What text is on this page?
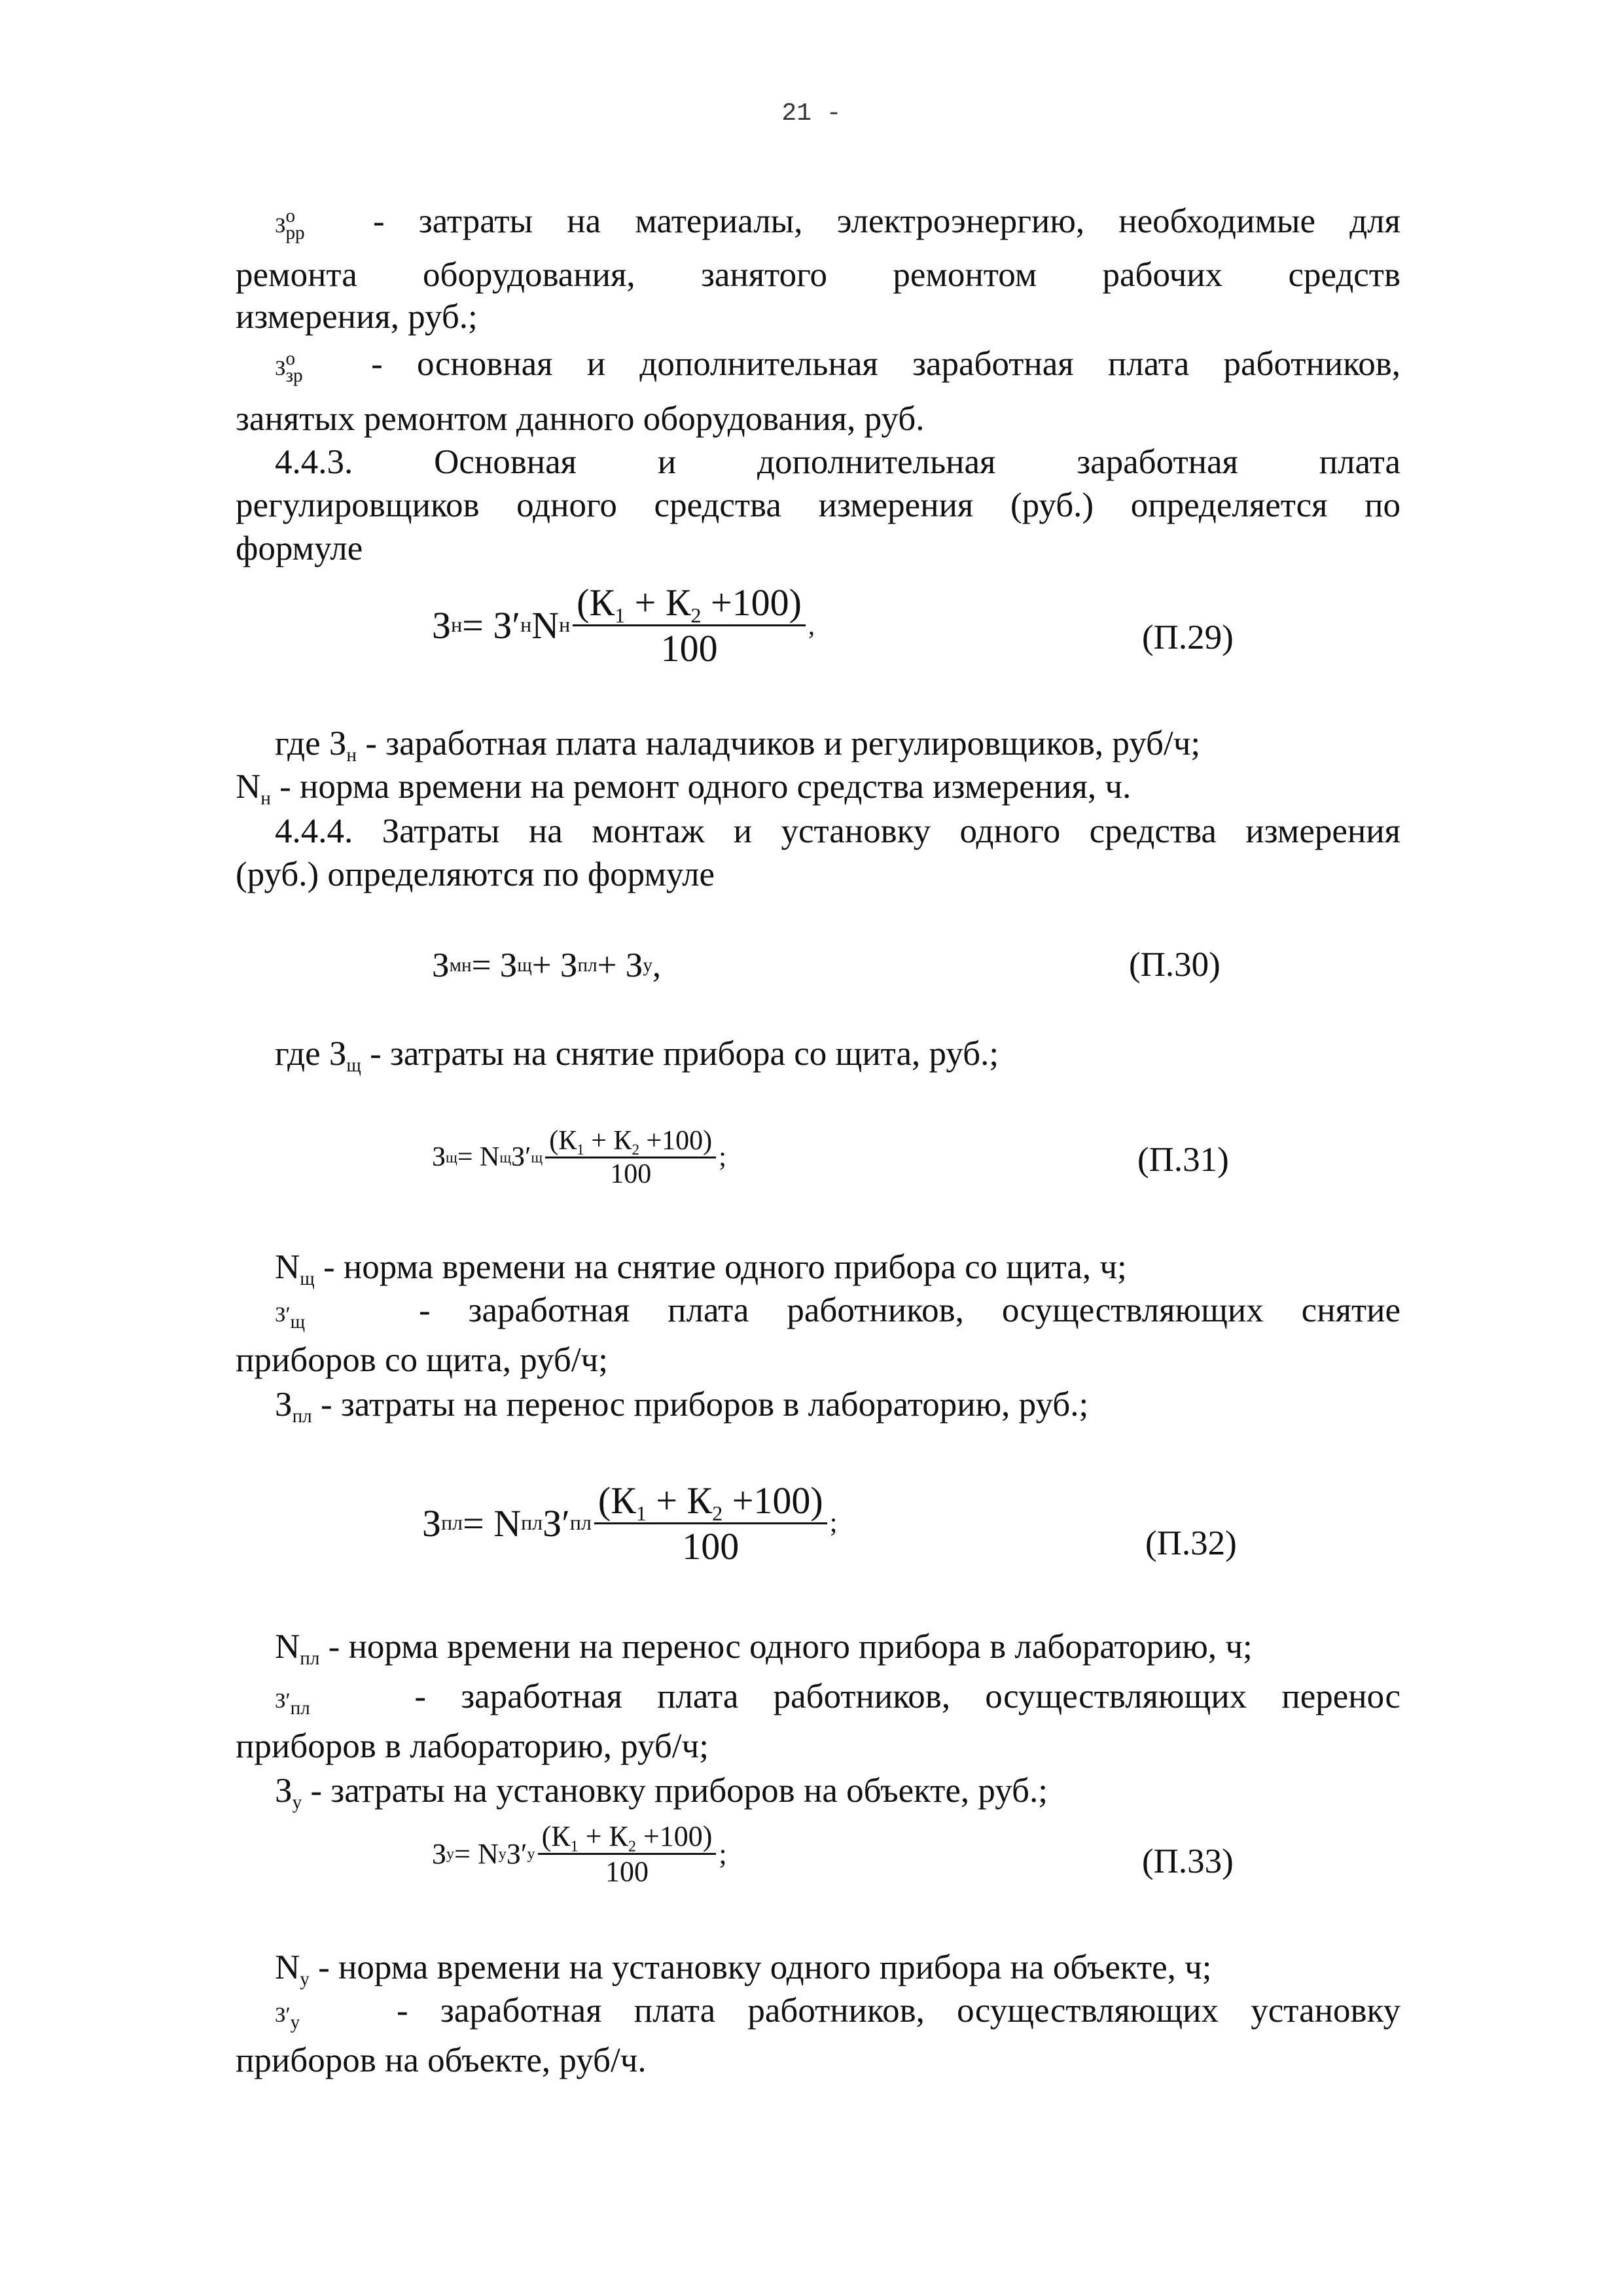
21 -
$З^о_{рр}$ - затраты на материалы, электроэнергию, необходимые для
ремонта оборудования, занятого ремонтом рабочих средств
измерения, руб.;
$З^о_{зр}$ - основная и дополнительная заработная плата работников,
занятых ремонтом данного оборудования, руб.
4.4.3. Основная и дополнительная заработная плата
регулировщиков одного средства измерения (руб.) определяется по
формуле
З н = З′ н N н $\frac{(К_1 + К_2 +100)}{100}$ ,	(П.29)
где $З_н$ - заработная плата наладчиков и регулировщиков, руб/ч;
$N_н$ - норма времени на ремонт одного средства измерения, ч.
4.4.4. Затраты на монтаж и установку одного средства измерения
(руб.) определяются по формуле
З мн = З щ + З пл + З у ,	(П.30)
где $З_щ$ - затраты на снятие прибора со щита, руб.;
З щ = N щ З′ щ $\frac{(К_1 + К_2 +100)}{100}$ ;	(П.31)
$N_щ$ - норма времени на снятие одного прибора со щита, ч;
$З'_щ$	- заработная плата работников, осуществляющих снятие
приборов со щита, руб/ч;
$З_{пл}$ - затраты на перенос приборов в лабораторию, руб.;
З пл = N пл З′ пл $\frac{(К_1 + К_2 +100)}{100}$ ;
(П.32)
$N_{пл}$ - норма времени на перенос одного прибора в лабораторию, ч;
$З'_{пл}$	- заработная плата работников, осуществляющих перенос
приборов в лабораторию, руб/ч;
$З_у$ - затраты на установку приборов на объекте, руб.;
З у = N у З′ у $\frac{(К_1 + К_2 +100)}{100}$ ;	(П.33)
$N_у$ - норма времени на установку одного прибора на объекте, ч;
$З'_у$	- заработная плата работников, осуществляющих установку
приборов на объекте, руб/ч.
